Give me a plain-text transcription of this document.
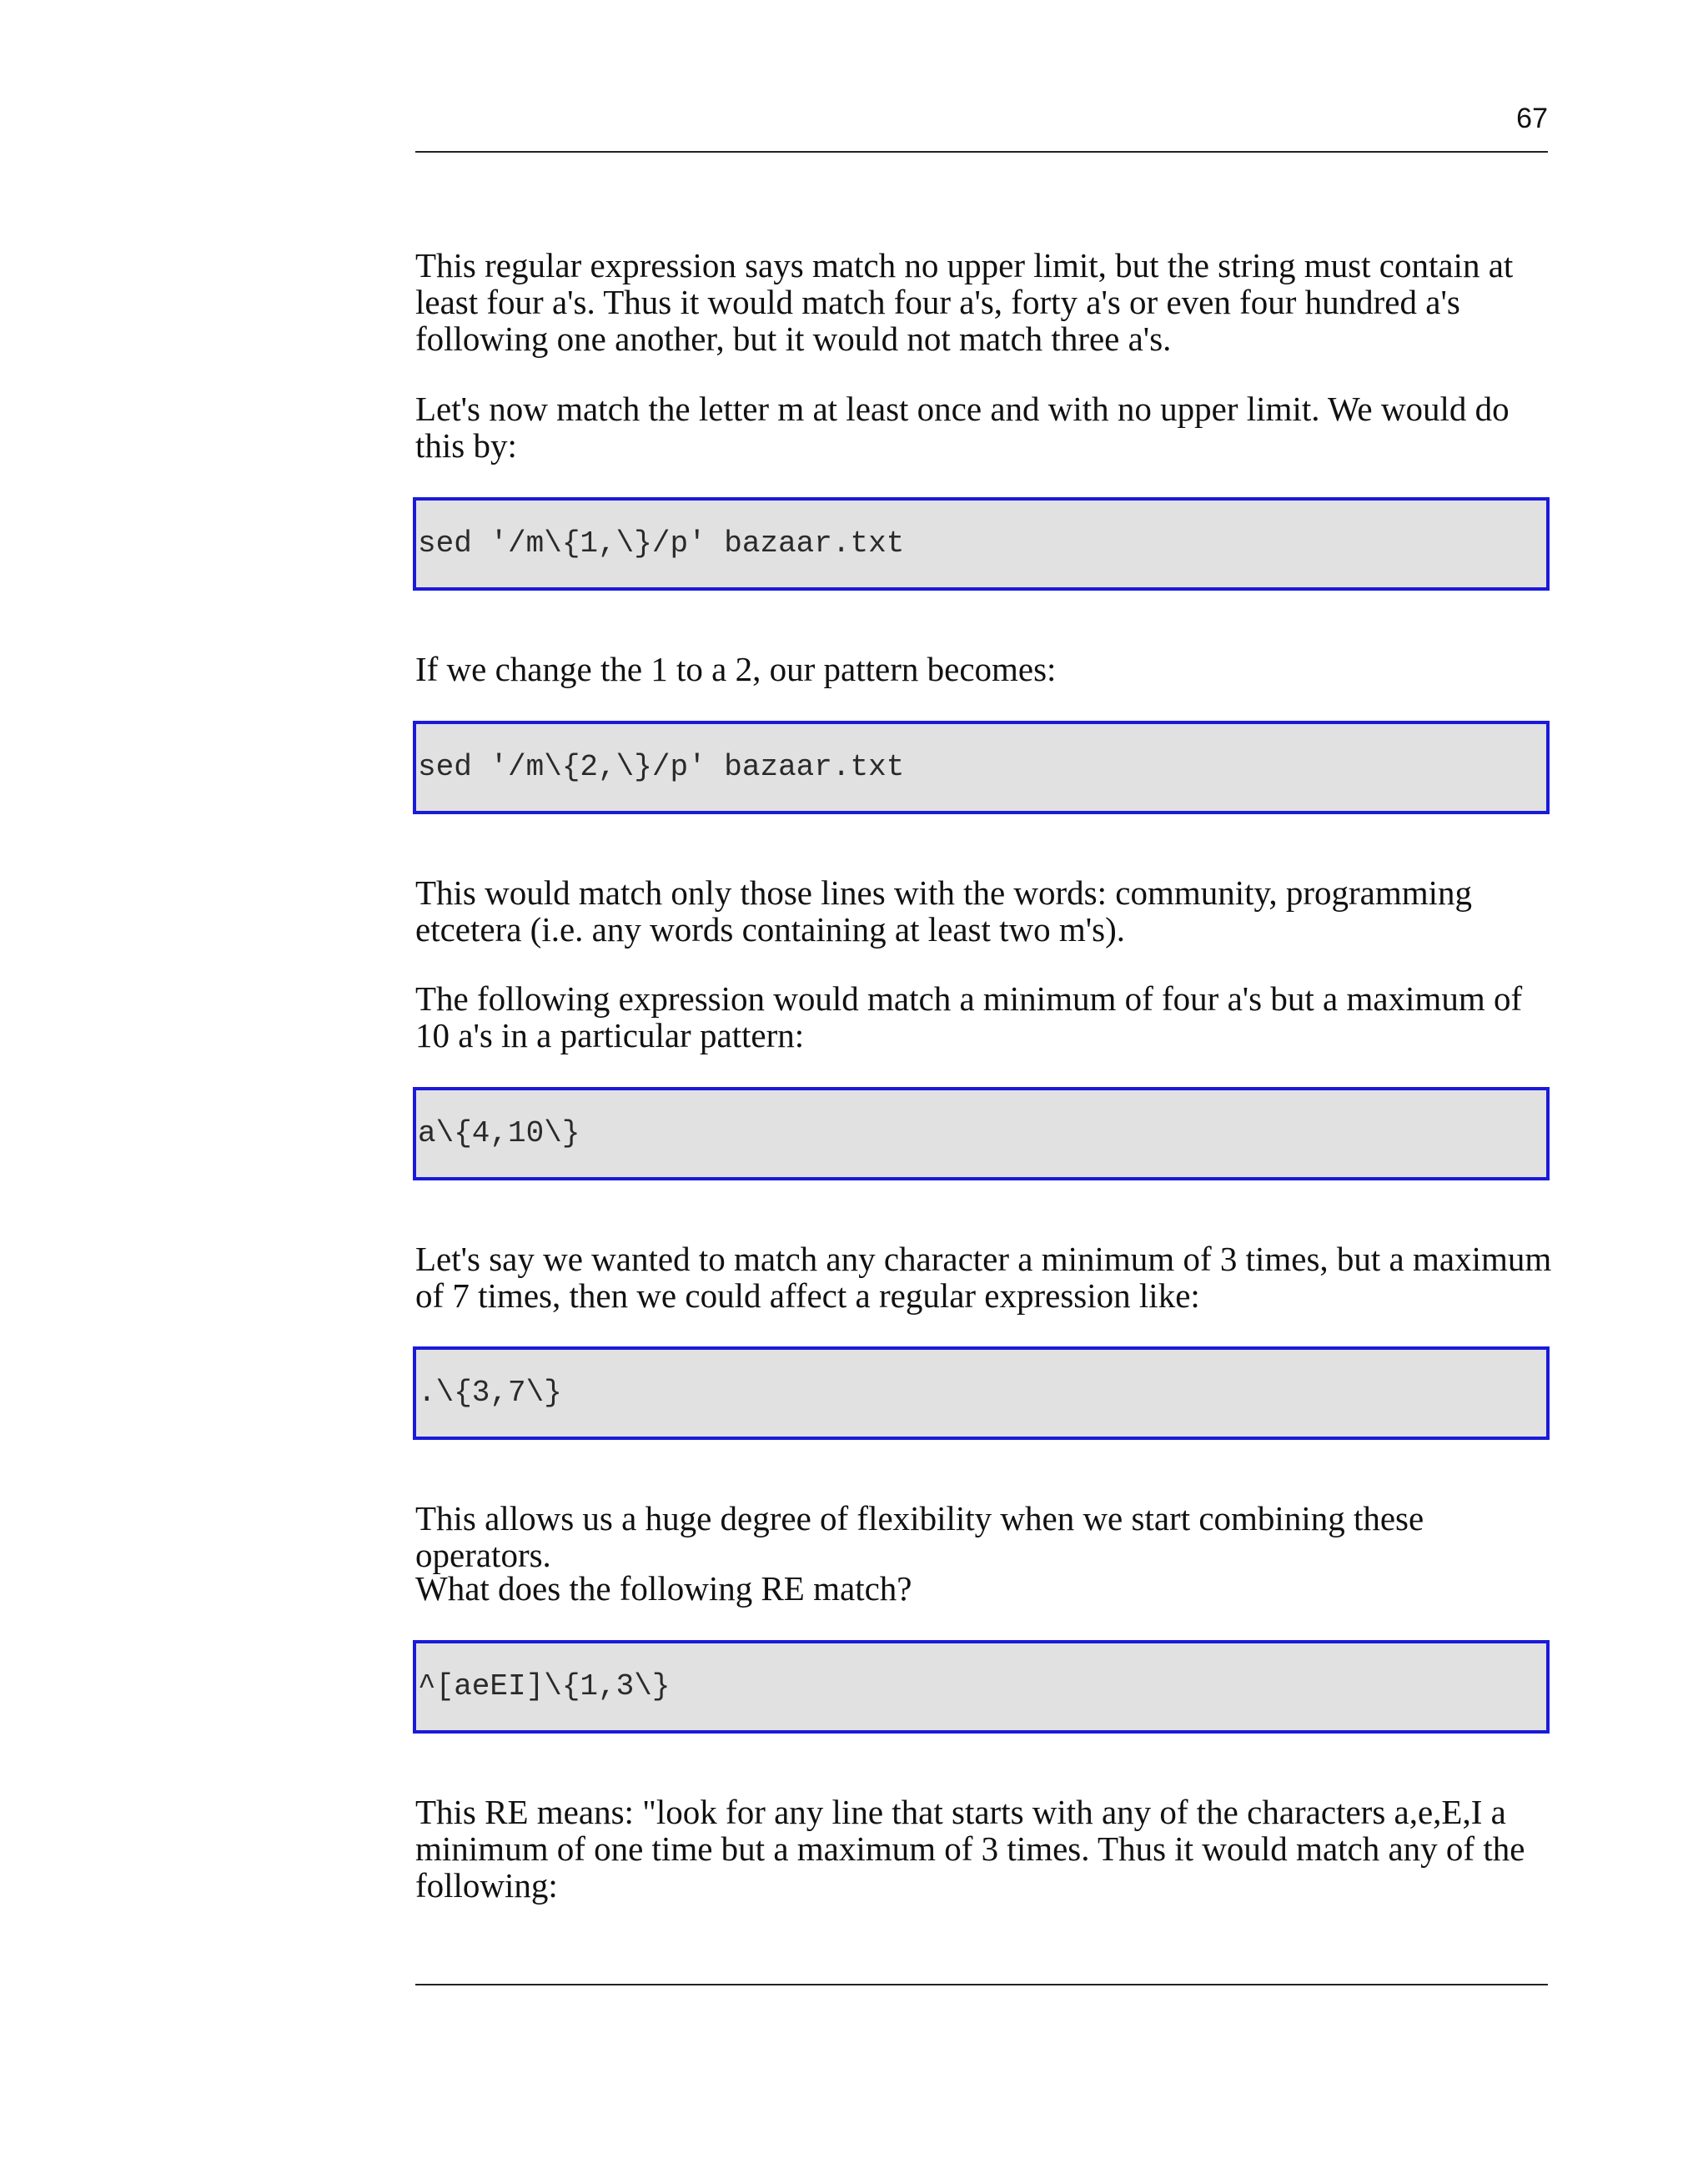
67

This regular expression says match no upper limit, but the string must contain at least four a's. Thus it would match four a's, forty a's or even four hundred a's following one another, but it would not match three a's.

Let's now match the letter m at least once and with no upper limit. We would do this by:

sed '/m\{1,\}/p' bazaar.txt

If we change the 1 to a 2, our pattern becomes:

sed '/m\{2,\}/p' bazaar.txt

This would match only those lines with the words: community, programming etcetera (i.e. any words containing at least two m's).

The following expression would match a minimum of four a's but a maximum of 10 a's in a particular pattern:

a\{4,10\}

Let's say we wanted to match any character a minimum of 3 times, but a maximum of 7 times, then we could affect a regular expression like:

.\{3,7\}

This allows us a huge degree of flexibility when we start combining these operators.

What does the following RE match?

^[aeEI]\{1,3\}

This RE means: "look for any line that starts with any of the characters a,e,E,I a minimum of one time but a maximum of 3 times. Thus it would match any of the following:
